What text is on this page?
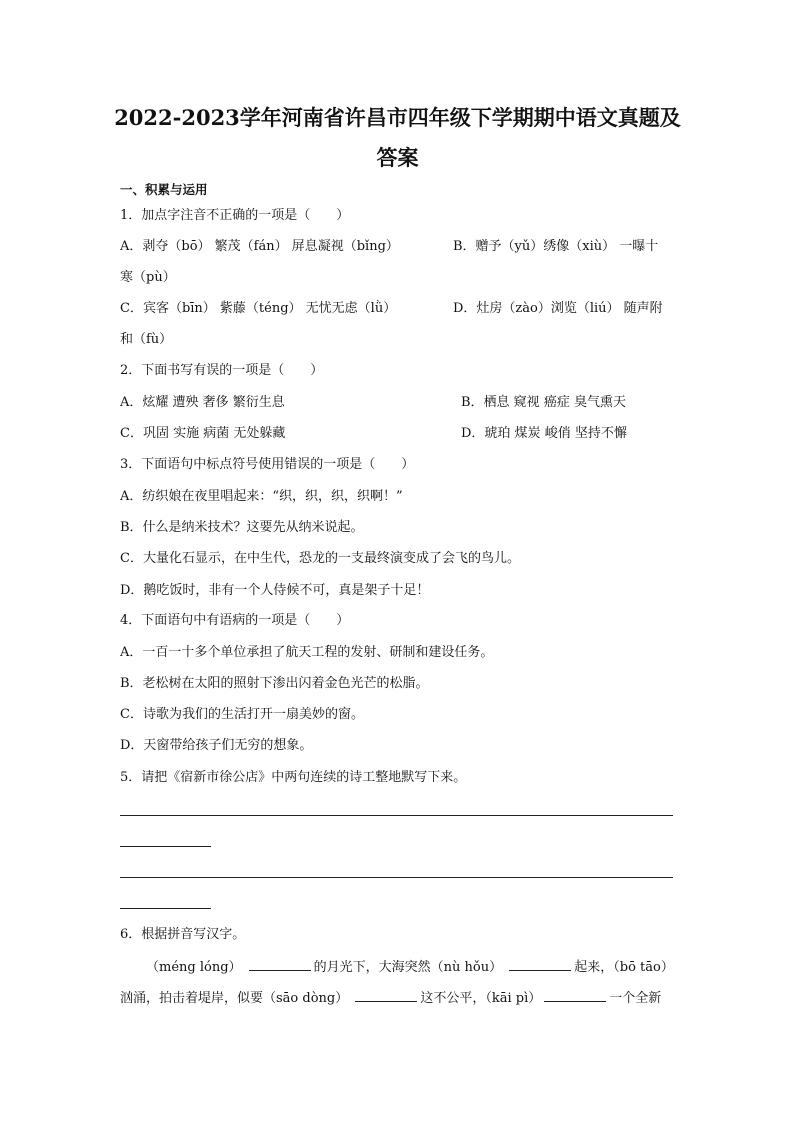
2022-2023学年河南省许昌市四年级下学期期中语文真题及
答案
一、积累与运用
1．加点字注音不正确的一项是（　　）
A．剥夺（bō） 繁茂（fán） 屏息凝视（bǐng）	B．赠予（yǔ）绣像（xiù） 一曝十
寒（pù）
C．宾客（bīn） 紫藤（téng） 无忧无虑（lǜ）	D．灶房（zào）浏览（liú） 随声附
和（fù）
2．下面书写有误的一项是（　　）
A．炫耀 遭殃 奢侈 繁衍生息	B．栖息 窥视 癌症 臭气熏天
C．巩固 实施 病菌 无处躲藏	D．琥珀 煤炭 峻俏 坚持不懈
3．下面语句中标点符号使用错误的一项是（　　）
A．纺织娘在夜里唱起来：“织，织，织，织啊！”
B．什么是纳米技术？这要先从纳米说起。
C．大量化石显示，在中生代，恐龙的一支最终演变成了会飞的鸟儿。
D．鹅吃饭时，非有一个人侍候不可，真是架子十足！
4．下面语句中有语病的一项是（　　）
A．一百一十多个单位承担了航天工程的发射、研制和建设任务。
B．老松树在太阳的照射下渗出闪着金色光芒的松脂。
C．诗歌为我们的生活打开一扇美妙的窗。
D．天窗带给孩子们无穷的想象。
5．请把《宿新市徐公店》中两句连续的诗工整地默写下来。
6．根据拼音写汉字。
（méng lóng）	的月光下，大海突然（nù hǒu）	起来，（bō tāo）
汹涌，拍击着堤岸，似要（sāo dòng）	这不公平，（kāi pì）	一个全新
